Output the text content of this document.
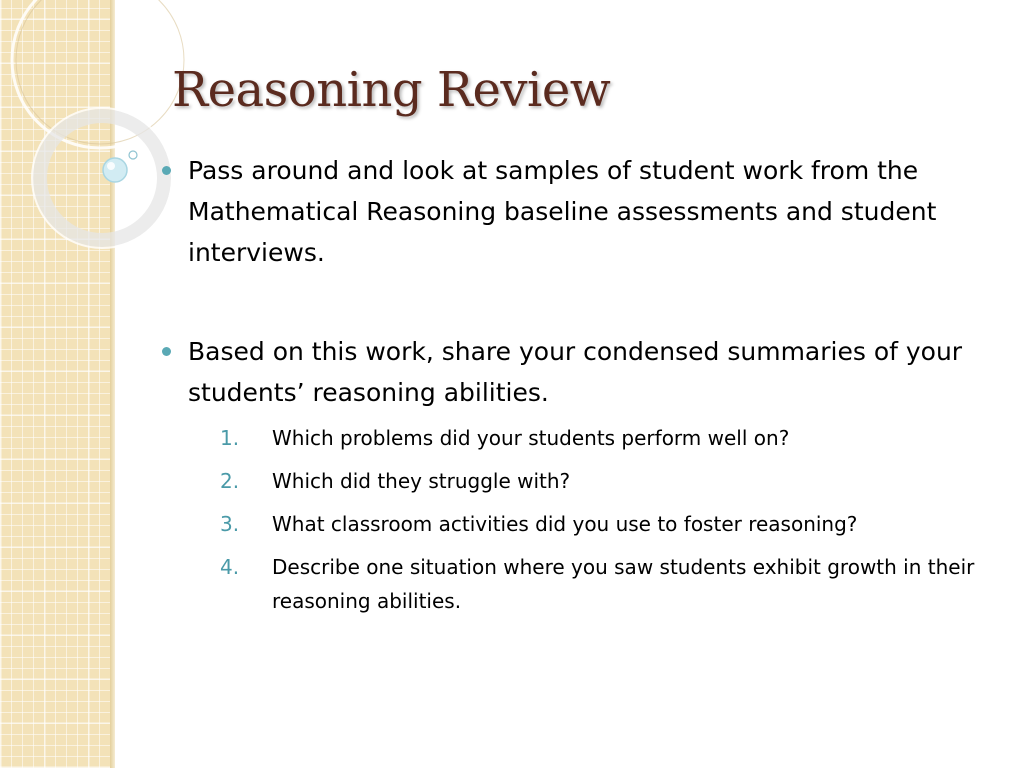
Reasoning Review

Pass around and look at samples of student work from the Mathematical Reasoning baseline assessments and student interviews.

Based on this work, share your condensed summaries of your students’ reasoning abilities.
1. Which problems did your students perform well on?
2. Which did they struggle with?
3. What classroom activities did you use to foster reasoning?
4. Describe one situation where you saw students exhibit growth in their reasoning abilities.
